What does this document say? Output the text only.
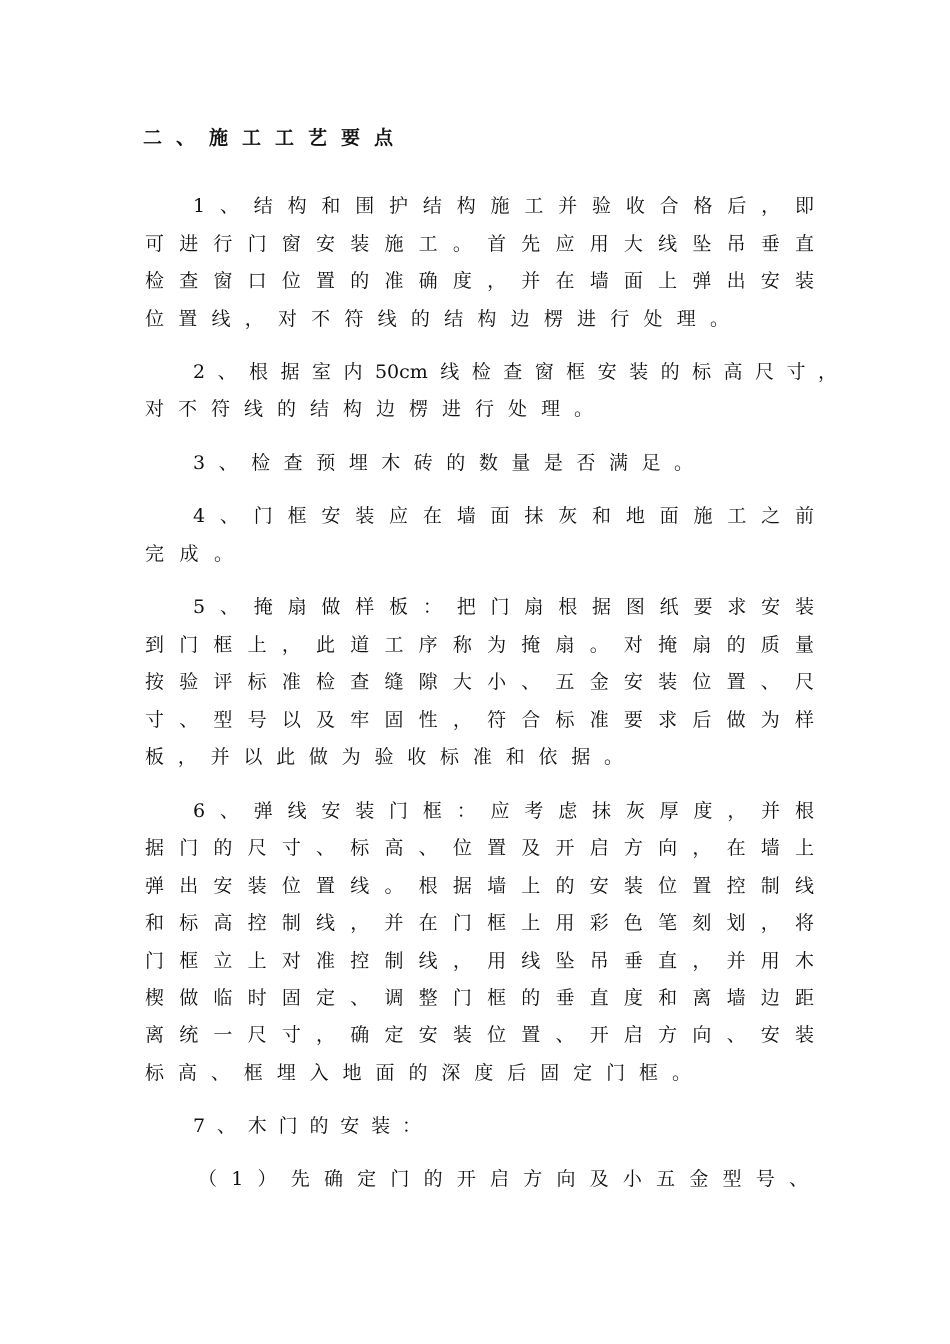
二、施工工艺要点
1、结构和围护结构施工并验收合格后，即
可进行门窗安装施工。首先应用大线坠吊垂直
检查窗口位置的准确度，并在墙面上弹出安装
位置线，对不符线的结构边楞进行处理。
2、根据室内50cm线检查窗框安装的标高尺寸，
对不符线的结构边楞进行处理。
3、检查预埋木砖的数量是否满足。
4、门框安装应在墙面抹灰和地面施工之前
完成。
5、掩扇做样板：把门扇根据图纸要求安装
到门框上，此道工序称为掩扇。对掩扇的质量
按验评标准检查缝隙大小、五金安装位置、尺
寸、型号以及牢固性，符合标准要求后做为样
板，并以此做为验收标准和依据。
6、弹线安装门框：应考虑抹灰厚度，并根
据门的尺寸、标高、位置及开启方向，在墙上
弹出安装位置线。根据墙上的安装位置控制线
和标高控制线，并在门框上用彩色笔刻划，将
门框立上对准控制线，用线坠吊垂直，并用木
楔做临时固定、调整门框的垂直度和离墙边距
离统一尺寸，确定安装位置、开启方向、安装
标高、框埋入地面的深度后固定门框。
7、木门的安装：
（1）先确定门的开启方向及小五金型号、
